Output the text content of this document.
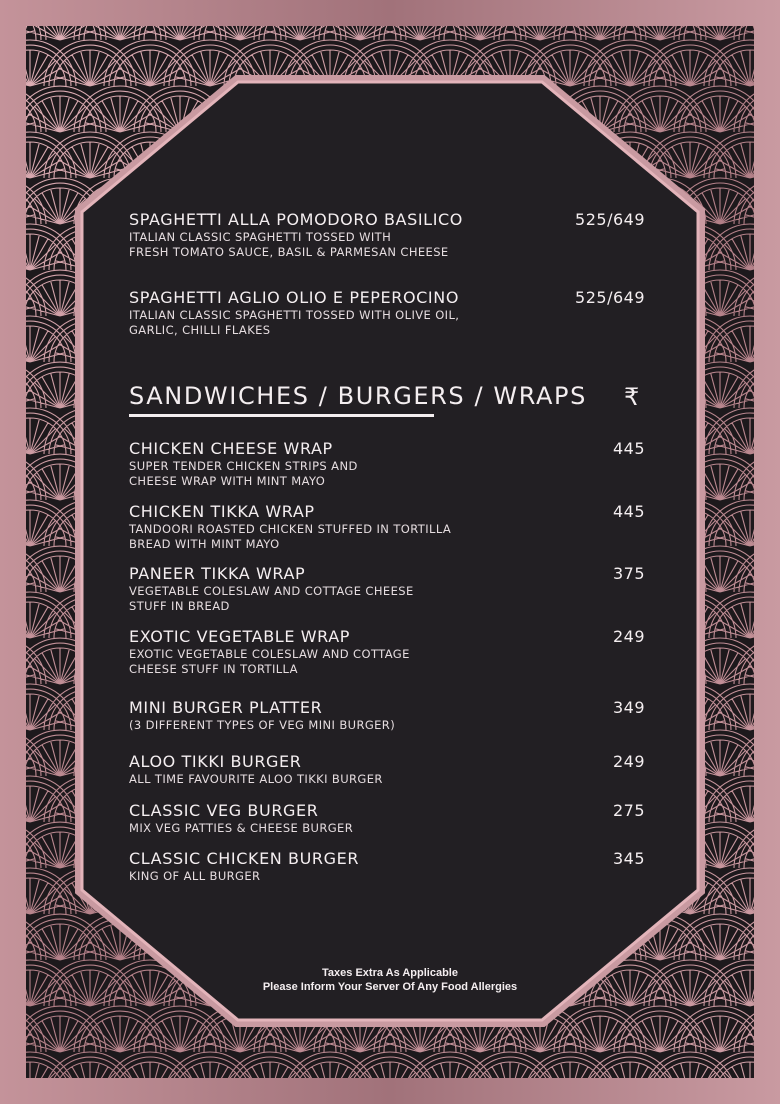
SPAGHETTI ALLA POMODORO BASILICO
ITALIAN CLASSIC SPAGHETTI TOSSED WITH
FRESH TOMATO SAUCE, BASIL & PARMESAN CHEESE
525/649
SPAGHETTI AGLIO OLIO E PEPEROCINO
ITALIAN CLASSIC SPAGHETTI TOSSED WITH OLIVE OIL,
GARLIC, CHILLI FLAKES
525/649
SANDWICHES / BURGERS / WRAPS ₹
CHICKEN CHEESE WRAP
SUPER TENDER CHICKEN STRIPS AND
CHEESE WRAP WITH MINT MAYO
445
CHICKEN TIKKA WRAP
TANDOORI ROASTED CHICKEN STUFFED IN TORTILLA
BREAD WITH MINT MAYO
445
PANEER TIKKA WRAP
VEGETABLE COLESLAW AND COTTAGE CHEESE
STUFF IN BREAD
375
EXOTIC VEGETABLE WRAP
EXOTIC VEGETABLE COLESLAW AND COTTAGE
CHEESE STUFF IN TORTILLA
249
MINI BURGER PLATTER
(3 DIFFERENT TYPES OF VEG MINI BURGER)
349
ALOO TIKKI BURGER
ALL TIME FAVOURITE ALOO TIKKI BURGER
249
CLASSIC VEG BURGER
MIX VEG PATTIES & CHEESE BURGER
275
CLASSIC CHICKEN BURGER
KING OF ALL BURGER
345
Taxes Extra As Applicable
Please Inform Your Server Of Any Food Allergies
